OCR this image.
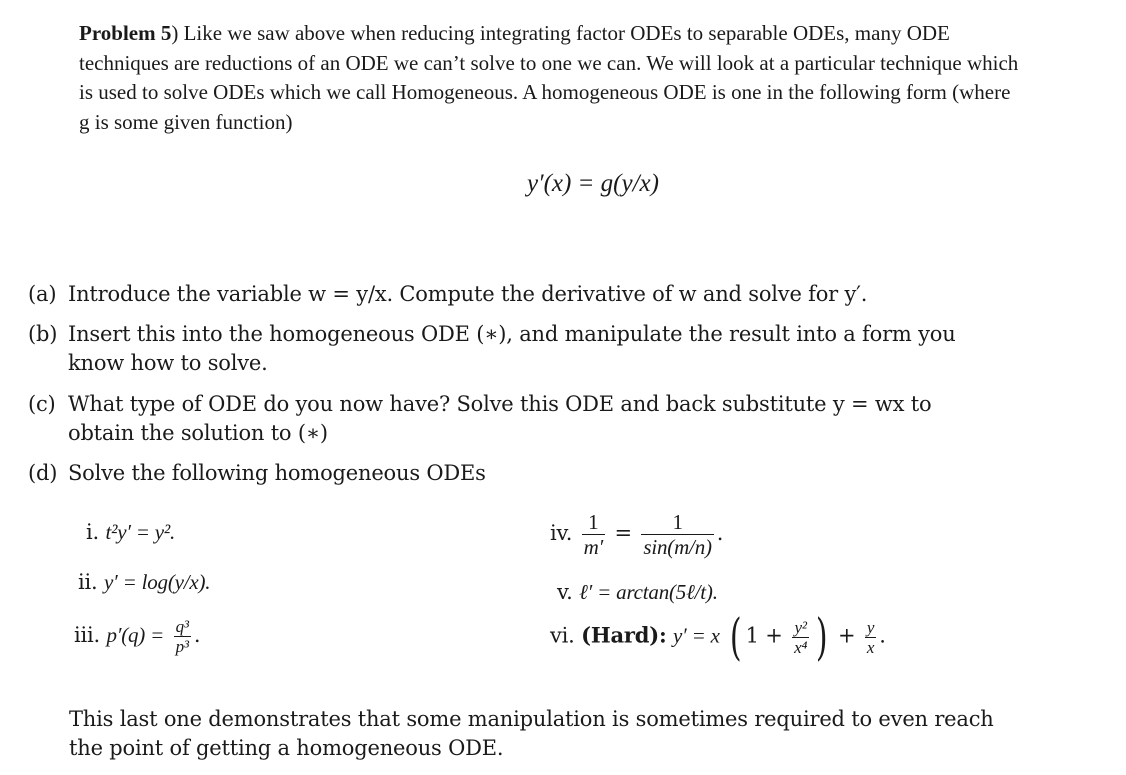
Problem 5) Like we saw above when reducing integrating factor ODEs to separable ODEs, many ODE techniques are reductions of an ODE we can’t solve to one we can. We will look at a particular technique which is used to solve ODEs which we call Homogeneous. A homogeneous ODE is one in the following form (where g is some given function)
y′(x) = g(y/x)
(a) Introduce the variable w = y/x. Compute the derivative of w and solve for y′.
(b) Insert this into the homogeneous ODE (∗), and manipulate the result into a form you know how to solve.
(c) What type of ODE do you now have? Solve this ODE and back substitute y = wx to obtain the solution to (∗)
(d) Solve the following homogeneous ODEs
i. t²y′ = y².
ii. y′ = log(y/x).
iii. $p'(q) = \frac{\text{q³}}{\text{p³}}$ .
iv. $\frac{1}{m'} = \frac{1}{\sin(m/n)}$ .
v. ℓ′ = arctan(5ℓ/t).
vi. (Hard): y′ = x ( $1 + \frac{\text{y²}}{\text{x⁴}}$ ) + $\frac{y}{x}$ .
This last one demonstrates that some manipulation is sometimes required to even reach the point of getting a homogeneous ODE.
